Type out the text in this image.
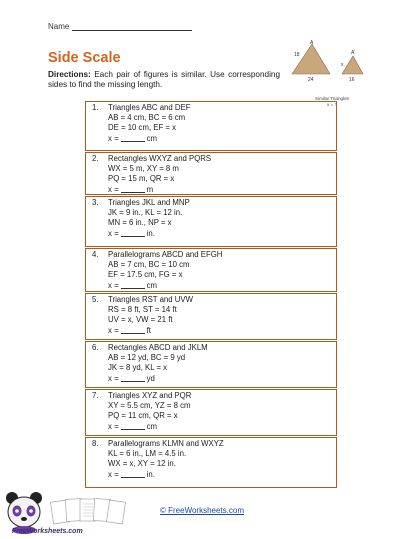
Name
Side Scale

Directions: Each pair of figures is similar. Use corresponding sides to find the missing length.

A
18
24
A'
x
16
Similar Triangles
x = ?
1. Triangles ABC and DEF
AB = 4 cm, BC = 6 cm
DE = 10 cm, EF = x
x =	cm
2. Rectangles WXYZ and PQRS
WX = 5 m, XY = 8 m
PQ = 15 m, QR = x
x =	m
3. Triangles JKL and MNP
JK = 9 in., KL = 12 in.
MN = 6 in., NP = x
x =	in.
4. Parallelograms ABCD and EFGH
AB = 7 cm, BC = 10 cm
EF = 17.5 cm, FG = x
x =	cm
5. Triangles RST and UVW
RS = 8 ft, ST = 14 ft
UV = x, VW = 21 ft
x =	ft
6. Rectangles ABCD and JKLM
AB = 12 yd, BC = 9 yd
JK = 8 yd, KL = x
x =	yd
7. Triangles XYZ and PQR
XY = 5.5 cm, YZ = 8 cm
PQ = 11 cm, QR = x
x =	cm
8. Parallelograms KLMN and WXYZ
KL = 6 in., LM = 4.5 in.
WX = x, XY = 12 in.
x =	in.
FreeWorksheets.com
© FreeWorksheets.com
